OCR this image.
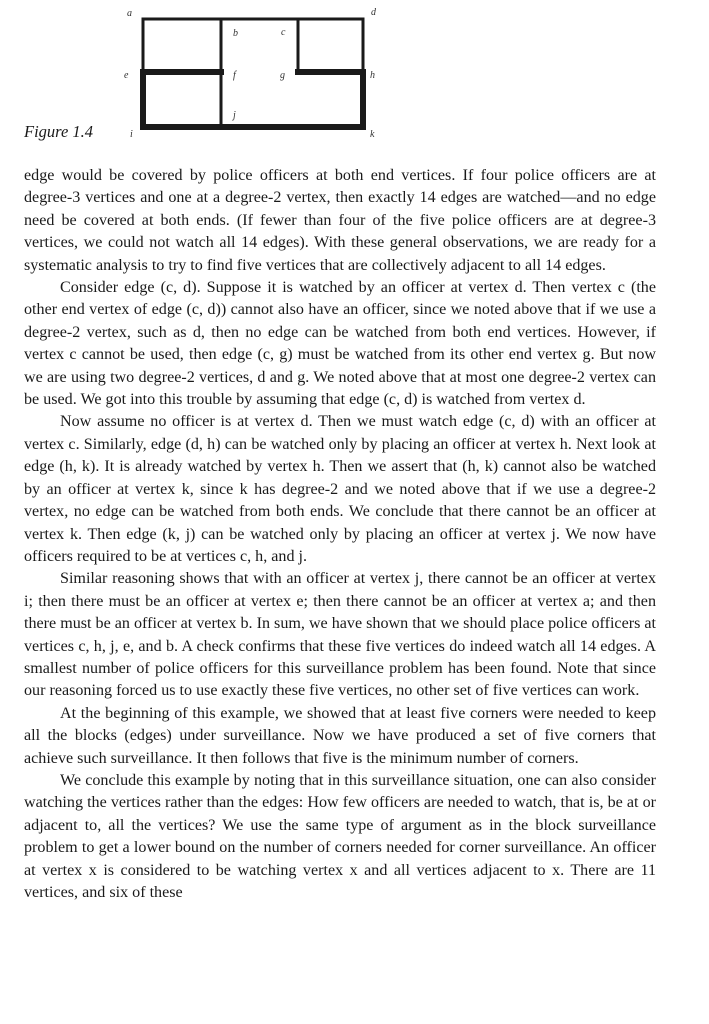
a
b	c
d
e	f	g	h
i
j
k
Figure 1.4

edge would be covered by police officers at both end vertices. If four police officers are at degree-3 vertices and one at a degree-2 vertex, then exactly 14 edges are watched—and no edge need be covered at both ends. (If fewer than four of the five police officers are at degree-3 vertices, we could not watch all 14 edges). With these general observations, we are ready for a systematic analysis to try to find five vertices that are collectively adjacent to all 14 edges.

Consider edge (c, d). Suppose it is watched by an officer at vertex d. Then vertex c (the other end vertex of edge (c, d)) cannot also have an officer, since we noted above that if we use a degree-2 vertex, such as d, then no edge can be watched from both end vertices. However, if vertex c cannot be used, then edge (c, g) must be watched from its other end vertex g. But now we are using two degree-2 vertices, d and g. We noted above that at most one degree-2 vertex can be used. We got into this trouble by assuming that edge (c, d) is watched from vertex d.

Now assume no officer is at vertex d. Then we must watch edge (c, d) with an officer at vertex c. Similarly, edge (d, h) can be watched only by placing an officer at vertex h. Next look at edge (h, k). It is already watched by vertex h. Then we assert that (h, k) cannot also be watched by an officer at vertex k, since k has degree-2 and we noted above that if we use a degree-2 vertex, no edge can be watched from both ends. We conclude that there cannot be an officer at vertex k. Then edge (k, j) can be watched only by placing an officer at vertex j. We now have officers required to be at vertices c, h, and j.

Similar reasoning shows that with an officer at vertex j, there cannot be an officer at vertex i; then there must be an officer at vertex e; then there cannot be an officer at vertex a; and then there must be an officer at vertex b. In sum, we have shown that we should place police officers at vertices c, h, j, e, and b. A check confirms that these five vertices do indeed watch all 14 edges. A smallest number of police officers for this surveillance problem has been found. Note that since our reasoning forced us to use exactly these five vertices, no other set of five vertices can work.

At the beginning of this example, we showed that at least five corners were needed to keep all the blocks (edges) under surveillance. Now we have produced a set of five corners that achieve such surveillance. It then follows that five is the minimum number of corners.

We conclude this example by noting that in this surveillance situation, one can also consider watching the vertices rather than the edges: How few officers are needed to watch, that is, be at or adjacent to, all the vertices? We use the same type of argument as in the block surveillance problem to get a lower bound on the number of corners needed for corner surveillance. An officer at vertex x is considered to be watching vertex x and all vertices adjacent to x. There are 11 vertices, and six of these
